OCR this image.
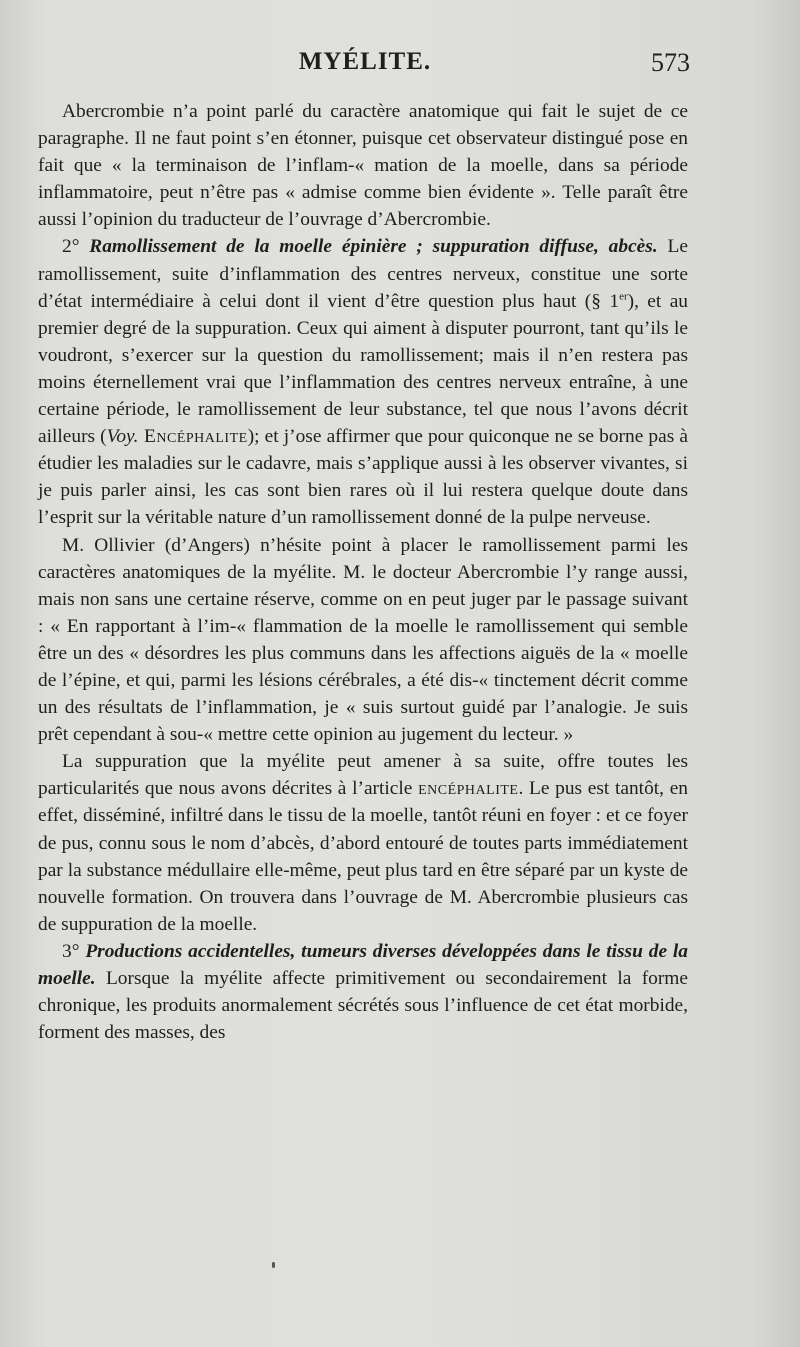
MYÉLITE.	573

Abercrombie n’a point parlé du caractère anatomique qui fait le sujet de ce paragraphe. Il ne faut point s’en étonner, puisque cet observateur distingué pose en fait que « la terminaison de l’inflam-« mation de la moelle, dans sa période inflammatoire, peut n’être pas « admise comme bien évidente ». Telle paraît être aussi l’opinion du traducteur de l’ouvrage d’Abercrombie.

2° Ramollissement de la moelle épinière ; suppuration diffuse, abcès. Le ramollissement, suite d’inflammation des centres nerveux, constitue une sorte d’état intermédiaire à celui dont il vient d’être question plus haut (§ 1er), et au premier degré de la suppuration. Ceux qui aiment à disputer pourront, tant qu’ils le voudront, s’exercer sur la question du ramollissement; mais il n’en restera pas moins éternellement vrai que l’inflammation des centres nerveux entraîne, à une certaine période, le ramollissement de leur substance, tel que nous l’avons décrit ailleurs (Voy. Encéphalite); et j’ose affirmer que pour quiconque ne se borne pas à étudier les maladies sur le cadavre, mais s’applique aussi à les observer vivantes, si je puis parler ainsi, les cas sont bien rares où il lui restera quelque doute dans l’esprit sur la véritable nature d’un ramollissement donné de la pulpe nerveuse.

M. Ollivier (d’Angers) n’hésite point à placer le ramollissement parmi les caractères anatomiques de la myélite. M. le docteur Abercrombie l’y range aussi, mais non sans une certaine réserve, comme on en peut juger par le passage suivant : « En rapportant à l’im-« flammation de la moelle le ramollissement qui semble être un des « désordres les plus communs dans les affections aiguës de la « moelle de l’épine, et qui, parmi les lésions cérébrales, a été dis-« tinctement décrit comme un des résultats de l’inflammation, je « suis surtout guidé par l’analogie. Je suis prêt cependant à sou-« mettre cette opinion au jugement du lecteur. »

La suppuration que la myélite peut amener à sa suite, offre toutes les particularités que nous avons décrites à l’article encéphalite. Le pus est tantôt, en effet, disséminé, infiltré dans le tissu de la moelle, tantôt réuni en foyer : et ce foyer de pus, connu sous le nom d’abcès, d’abord entouré de toutes parts immédiatement par la substance médullaire elle-même, peut plus tard en être séparé par un kyste de nouvelle formation. On trouvera dans l’ouvrage de M. Abercrombie plusieurs cas de suppuration de la moelle.

3° Productions accidentelles, tumeurs diverses développées dans le tissu de la moelle. Lorsque la myélite affecte primitivement ou secondairement la forme chronique, les produits anormalement sécrétés sous l’influence de cet état morbide, forment des masses, des
